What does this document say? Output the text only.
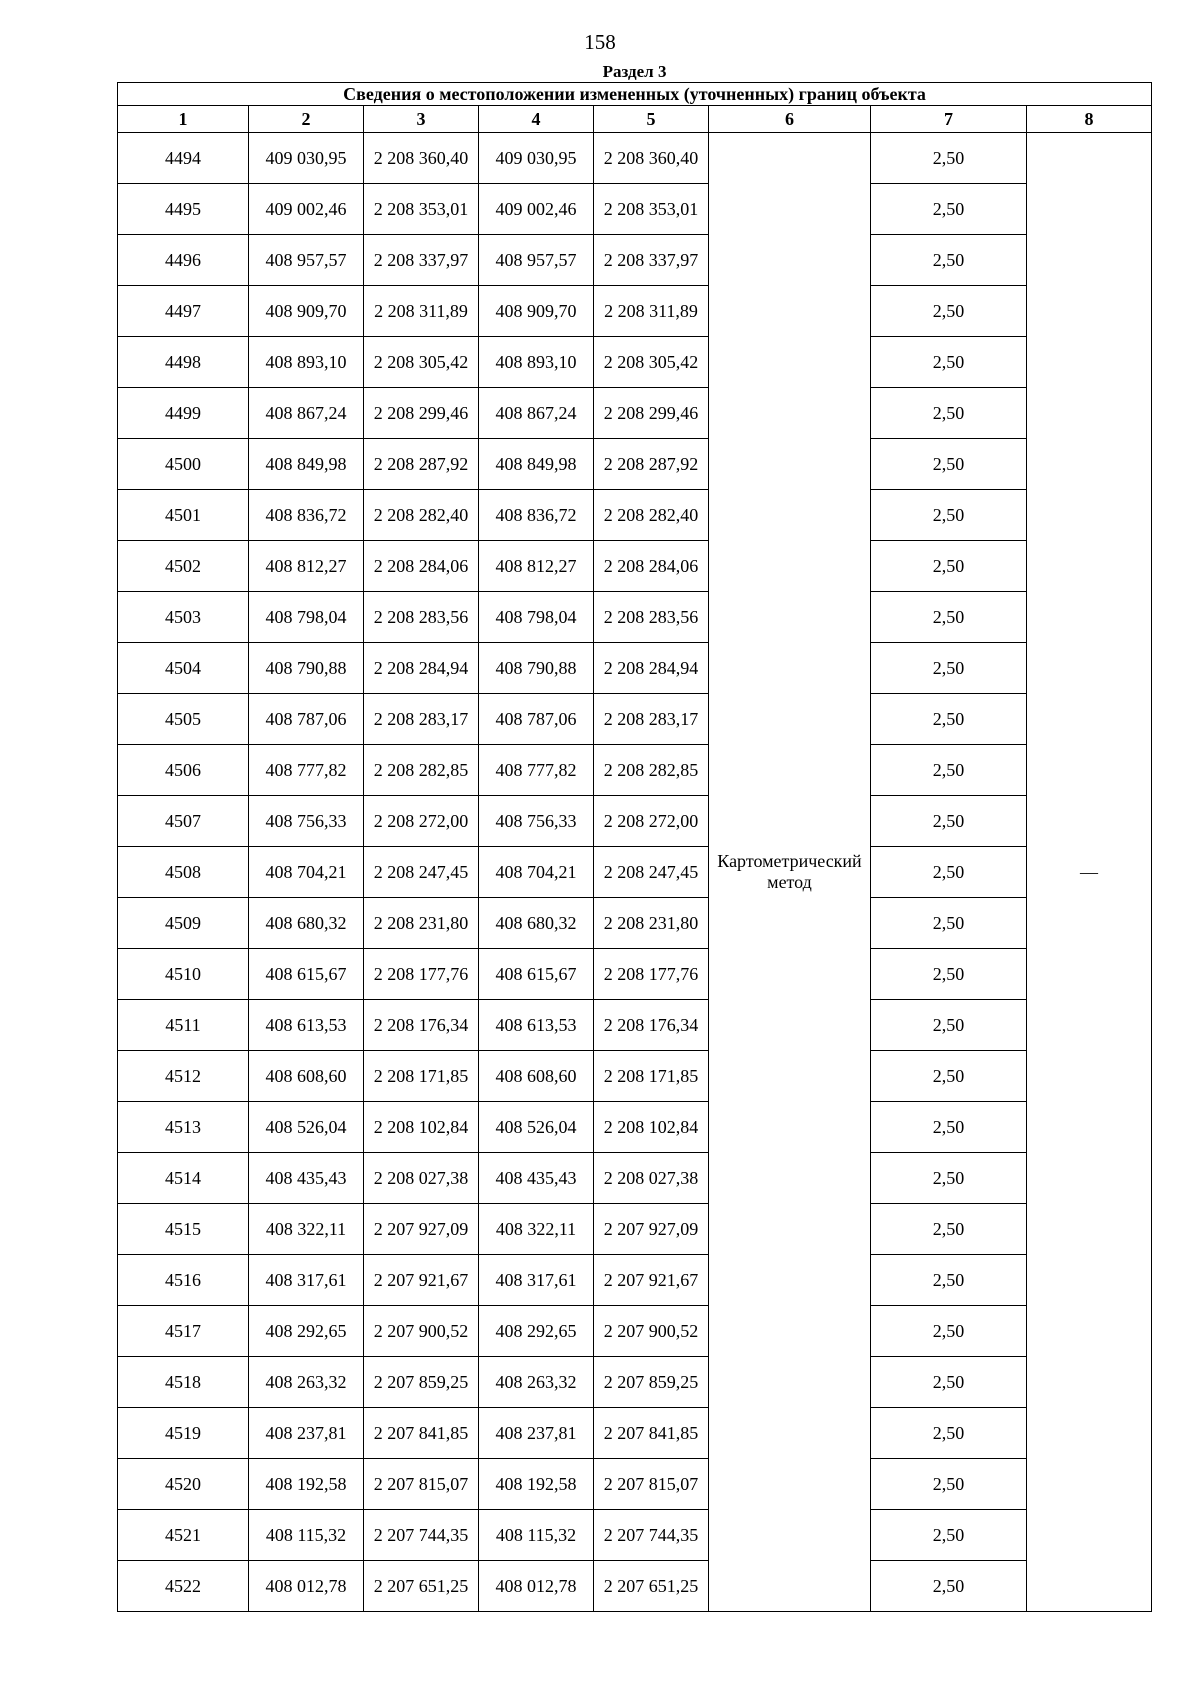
158
Раздел 3							
Сведения о местоположении измененных (уточненных) границ объекта							
1	2	3	4	5	6	7	8
4494	409 030,95	2 208 360,40	409 030,95	2 208 360,40	Картометрический метод	2,50	—
4495	409 002,46	2 208 353,01	409 002,46	2 208 353,01		2,50	
4496	408 957,57	2 208 337,97	408 957,57	2 208 337,97		2,50	
4497	408 909,70	2 208 311,89	408 909,70	2 208 311,89		2,50	
4498	408 893,10	2 208 305,42	408 893,10	2 208 305,42		2,50	
4499	408 867,24	2 208 299,46	408 867,24	2 208 299,46		2,50	
4500	408 849,98	2 208 287,92	408 849,98	2 208 287,92		2,50	
4501	408 836,72	2 208 282,40	408 836,72	2 208 282,40		2,50	
4502	408 812,27	2 208 284,06	408 812,27	2 208 284,06		2,50	
4503	408 798,04	2 208 283,56	408 798,04	2 208 283,56		2,50	
4504	408 790,88	2 208 284,94	408 790,88	2 208 284,94		2,50	
4505	408 787,06	2 208 283,17	408 787,06	2 208 283,17		2,50	
4506	408 777,82	2 208 282,85	408 777,82	2 208 282,85		2,50	
4507	408 756,33	2 208 272,00	408 756,33	2 208 272,00		2,50	
4508	408 704,21	2 208 247,45	408 704,21	2 208 247,45		2,50	
4509	408 680,32	2 208 231,80	408 680,32	2 208 231,80		2,50	
4510	408 615,67	2 208 177,76	408 615,67	2 208 177,76		2,50	
4511	408 613,53	2 208 176,34	408 613,53	2 208 176,34		2,50	
4512	408 608,60	2 208 171,85	408 608,60	2 208 171,85		2,50	
4513	408 526,04	2 208 102,84	408 526,04	2 208 102,84		2,50	
4514	408 435,43	2 208 027,38	408 435,43	2 208 027,38		2,50	
4515	408 322,11	2 207 927,09	408 322,11	2 207 927,09		2,50	
4516	408 317,61	2 207 921,67	408 317,61	2 207 921,67		2,50	
4517	408 292,65	2 207 900,52	408 292,65	2 207 900,52		2,50	
4518	408 263,32	2 207 859,25	408 263,32	2 207 859,25		2,50	
4519	408 237,81	2 207 841,85	408 237,81	2 207 841,85		2,50	
4520	408 192,58	2 207 815,07	408 192,58	2 207 815,07		2,50	
4521	408 115,32	2 207 744,35	408 115,32	2 207 744,35		2,50	
4522	408 012,78	2 207 651,25	408 012,78	2 207 651,25		2,50	
